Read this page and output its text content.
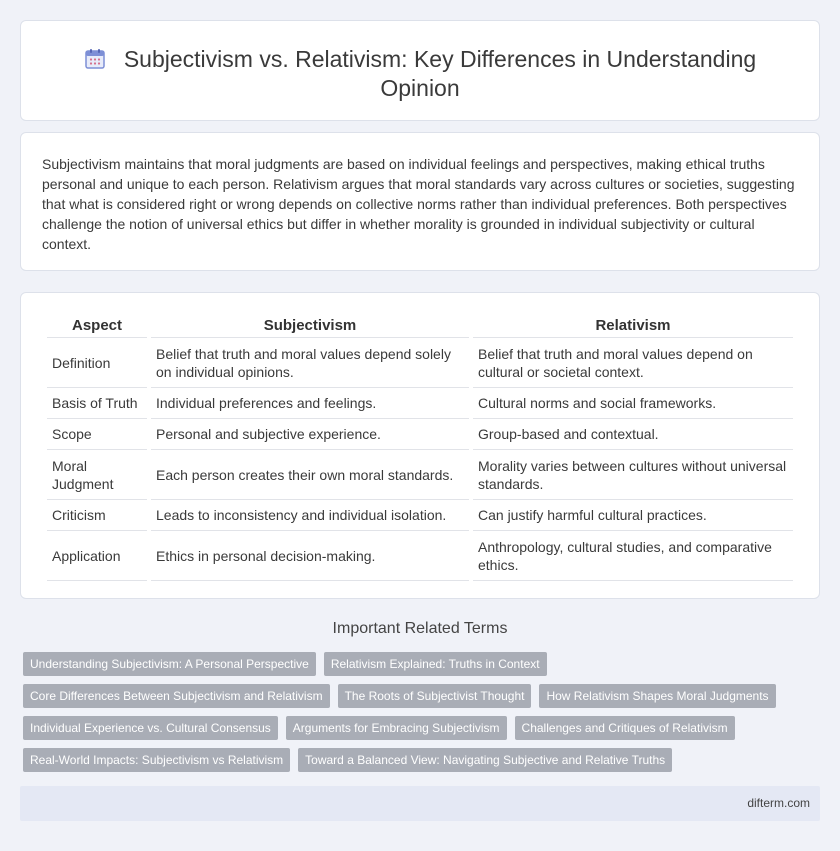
Subjectivism vs. Relativism: Key Differences in Understanding Opinion

Subjectivism maintains that moral judgments are based on individual feelings and perspectives, making ethical truths personal and unique to each person. Relativism argues that moral standards vary across cultures or societies, suggesting that what is considered right or wrong depends on collective norms rather than individual preferences. Both perspectives challenge the notion of universal ethics but differ in whether morality is grounded in individual subjectivity or cultural context.

Aspect	Subjectivism	Relativism
Definition	Belief that truth and moral values depend solely on individual opinions.	Belief that truth and moral values depend on cultural or societal context.
Basis of Truth	Individual preferences and feelings.	Cultural norms and social frameworks.
Scope	Personal and subjective experience.	Group-based and contextual.
Moral Judgment	Each person creates their own moral standards.	Morality varies between cultures without universal standards.
Criticism	Leads to inconsistency and individual isolation.	Can justify harmful cultural practices.
Application	Ethics in personal decision-making.	Anthropology, cultural studies, and comparative ethics.
Important Related Terms
Understanding Subjectivism: A Personal Perspective	Relativism Explained: Truths in Context
Core Differences Between Subjectivism and Relativism	The Roots of Subjectivist Thought	How Relativism Shapes Moral Judgments
Individual Experience vs. Cultural Consensus	Arguments for Embracing Subjectivism	Challenges and Critiques of Relativism
Real-World Impacts: Subjectivism vs Relativism	Toward a Balanced View: Navigating Subjective and Relative Truths
difterm.com
